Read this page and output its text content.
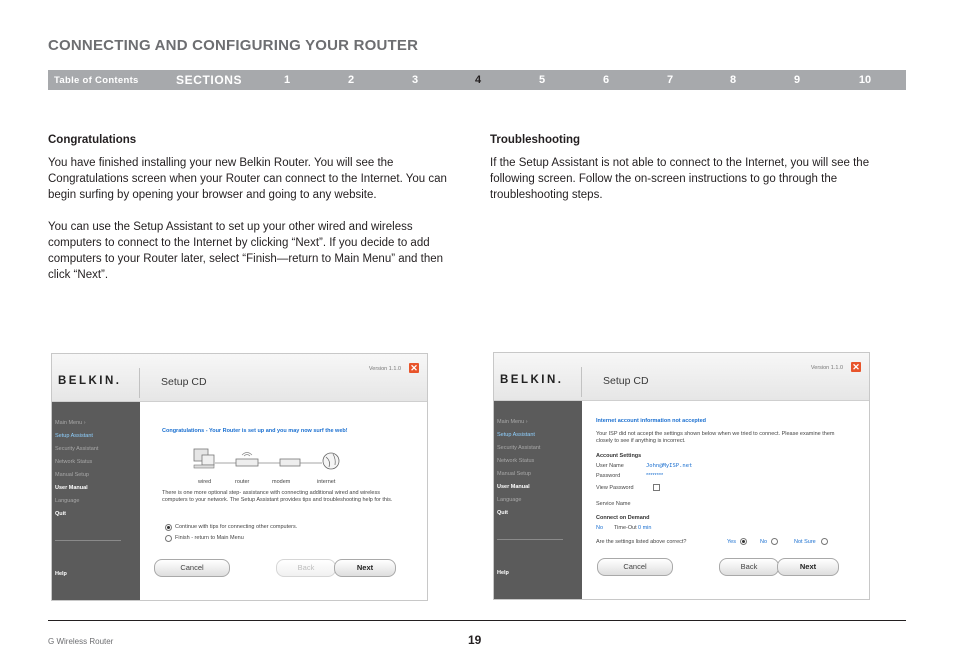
CONNECTING AND CONFIGURING YOUR ROUTER
Table of Contents	SECTIONS	1	2	3	4	5	6	7	8	9	10
Congratulations
You have finished installing your new Belkin Router. You will see the Congratulations screen when your Router can connect to the Internet. You can begin surfing by opening your browser and going to any website.
You can use the Setup Assistant to set up your other wired and wireless computers to connect to the Internet by clicking “Next”. If you decide to add computers to your Router later, select “Finish—return to Main Menu” and then click “Next”.
Troubleshooting
If the Setup Assistant is not able to connect to the Internet, you will see the following screen. Follow the on-screen instructions to go through the troubleshooting steps.
BELKIN.	Setup CD
Version 1.1.0 ✕
Main Menu ›
Setup Assistant
Security Assistant
Network Status
Manual Setup
User Manual
Language
Quit
Help
Congratulations - Your Router is set up and you may now surf the web!
wired	router	modem	internet
There is one more optional step- assistance with connecting additional wired and wireless computers to your network. The Setup Assistant provides tips and troubleshooting help for this.
Continue with tips for connecting other computers.
Finish - return to Main Menu
Cancel	Back	Next
BELKIN.	Setup CD
Version 1.1.0 ✕
Main Menu ›
Setup Assistant
Security Assistant
Network Status
Manual Setup
User Manual
Language
Quit
Help
Internet account information not accepted
Your ISP did not accept the settings shown below when we tried to connect. Please examine them closely to see if anything is incorrect.
Account Settings
User Name	John@MyISP.net
Password	********
View Password
Service Name
Connect on Demand
No Time-Out 0 min
Are the settings listed above correct?	Yes	No	Not Sure
Cancel	Back	Next
G Wireless Router	19
